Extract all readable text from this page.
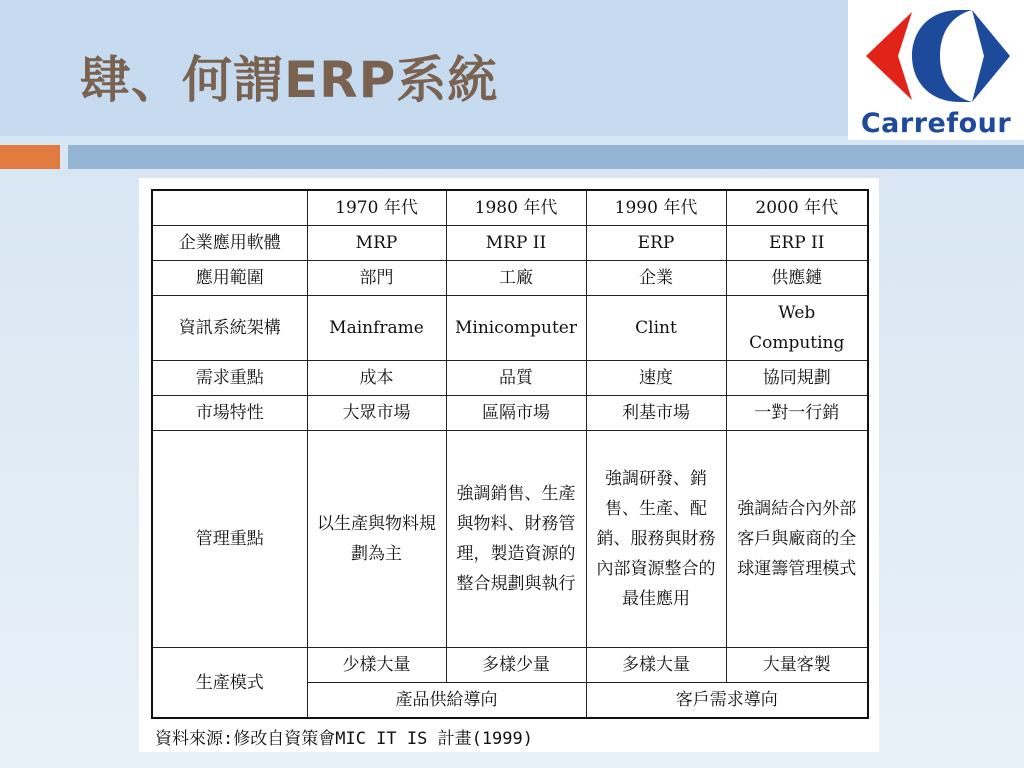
肆、何謂ERP系統
Carrefour
	1970 年代	1980 年代	1990 年代	2000 年代
企業應用軟體	MRP	MRP II	ERP	ERP II
應用範圍	部門	工廠	企業	供應鏈
資訊系統架構	Mainframe	Minicomputer	Clint	Web Computing
需求重點	成本	品質	速度	協同規劃
市場特性	大眾市場	區隔市場	利基市場	一對一行銷
管理重點	以生產與物料規劃為主	強調銷售、生產與物料、財務管理，製造資源的整合規劃與執行	強調研發、銷售、生產、配銷、服務與財務內部資源整合的最佳應用	強調結合內外部客戶與廠商的全球運籌管理模式
生產模式	少樣大量	多樣少量	多樣大量	大量客製
	產品供給導向		客戶需求導向	
資料來源:修改自資策會MIC IT IS 計畫(1999)
